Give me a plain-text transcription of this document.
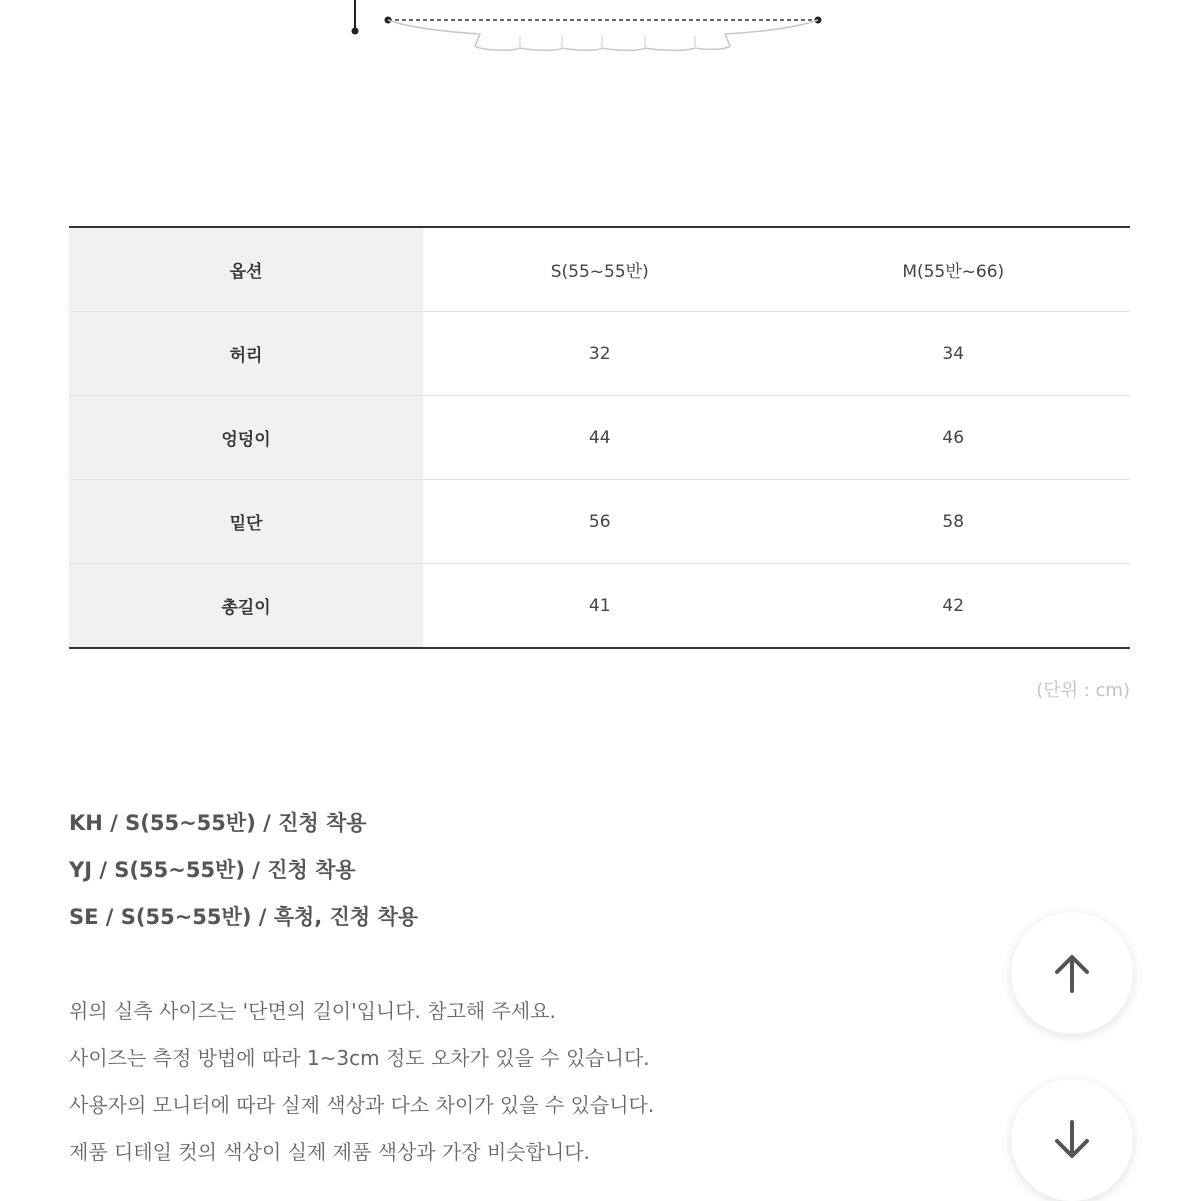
옵션	S(55~55반)	M(55반~66)
허리	32	34
엉덩이	44	46
밑단	56	58
총길이	41	42
(단위 : cm)
KH / S(55~55반) / 진청 착용
YJ / S(55~55반) / 진청 착용
SE / S(55~55반) / 흑청, 진청 착용
위의 실측 사이즈는 '단면의 길이'입니다. 참고해 주세요.
사이즈는 측정 방법에 따라 1~3cm 정도 오차가 있을 수 있습니다.
사용자의 모니터에 따라 실제 색상과 다소 차이가 있을 수 있습니다.
제품 디테일 컷의 색상이 실제 제품 색상과 가장 비슷합니다.
